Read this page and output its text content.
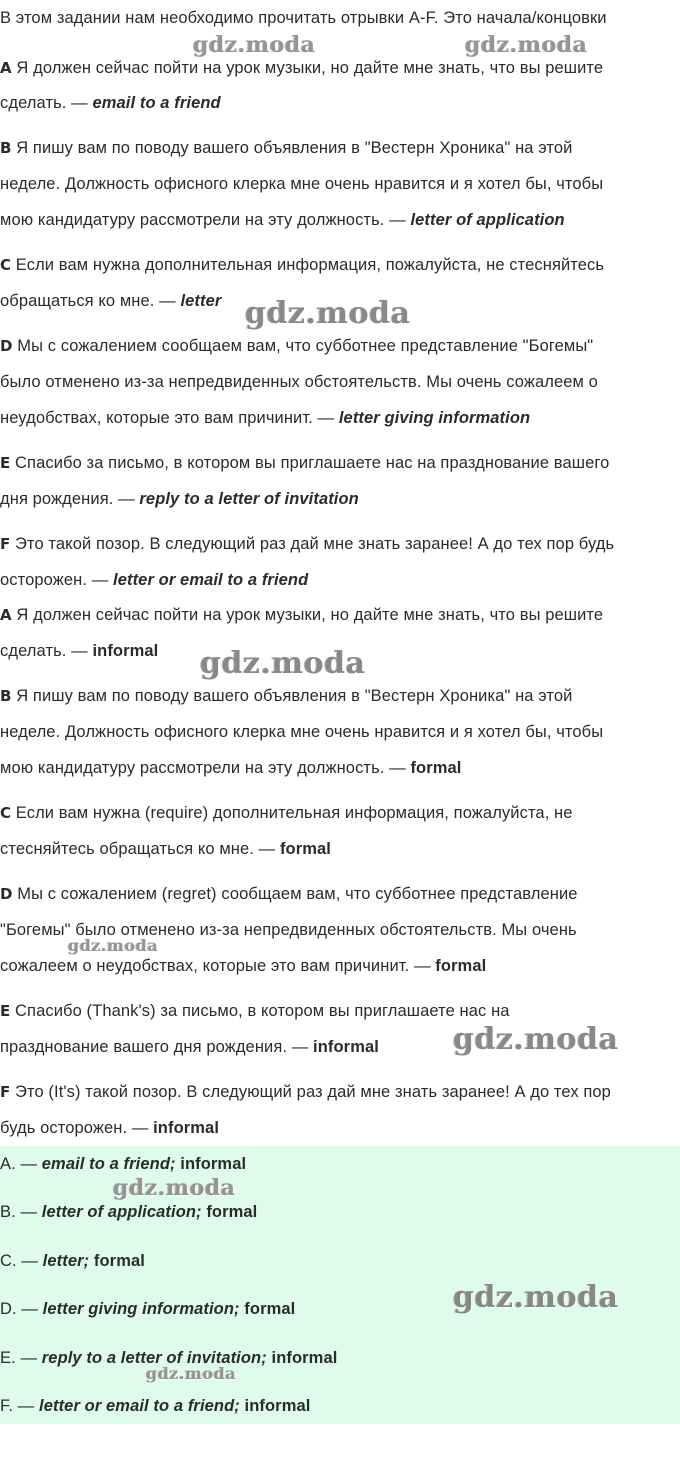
В этом задании нам необходимо прочитать отрывки A-F. Это начала/концовки
A Я должен сейчас пойти на урок музыки, но дайте мне знать, что вы решите
сделать. — email to a friend
B Я пишу вам по поводу вашего объявления в "Вестерн Хроника" на этой
неделе. Должность офисного клерка мне очень нравится и я хотел бы, чтобы
мою кандидатуру рассмотрели на эту должность. — letter of application
C Если вам нужна дополнительная информация, пожалуйста, не стесняйтесь
обращаться ко мне. — letter
D Мы с сожалением сообщаем вам, что субботнее представление "Богемы"
было отменено из-за непредвиденных обстоятельств. Мы очень сожалеем о
неудобствах, которые это вам причинит. — letter giving information
E Спасибо за письмо, в котором вы приглашаете нас на празднование вашего
дня рождения. — reply to a letter of invitation
F Это такой позор. В следующий раз дай мне знать заранее! А до тех пор будь
осторожен. — letter or email to a friend
A Я должен сейчас пойти на урок музыки, но дайте мне знать, что вы решите
сделать. — informal
B Я пишу вам по поводу вашего объявления в "Вестерн Хроника" на этой
неделе. Должность офисного клерка мне очень нравится и я хотел бы, чтобы
мою кандидатуру рассмотрели на эту должность. — formal
C Если вам нужна (require) дополнительная информация, пожалуйста, не
стесняйтесь обращаться ко мне. — formal
D Мы с сожалением (regret) сообщаем вам, что субботнее представление
"Богемы" было отменено из-за непредвиденных обстоятельств. Мы очень
сожалеем о неудобствах, которые это вам причинит. — formal
E Спасибо (Thank's) за письмо, в котором вы приглашаете нас на
празднование вашего дня рождения. — informal
F Это (It's) такой позор. В следующий раз дай мне знать заранее! А до тех пор
будь осторожен. — informal
A. — email to a friend; informal
B. — letter of application; formal
C. — letter; formal
D. — letter giving information; formal
E. — reply to a letter of invitation; informal
F. — letter or email to a friend; informal
gdz.moda	gdz.moda
gdz.moda
gdz.moda
gdz.moda
gdz.moda
gdz.moda
gdz.moda
gdz.moda
